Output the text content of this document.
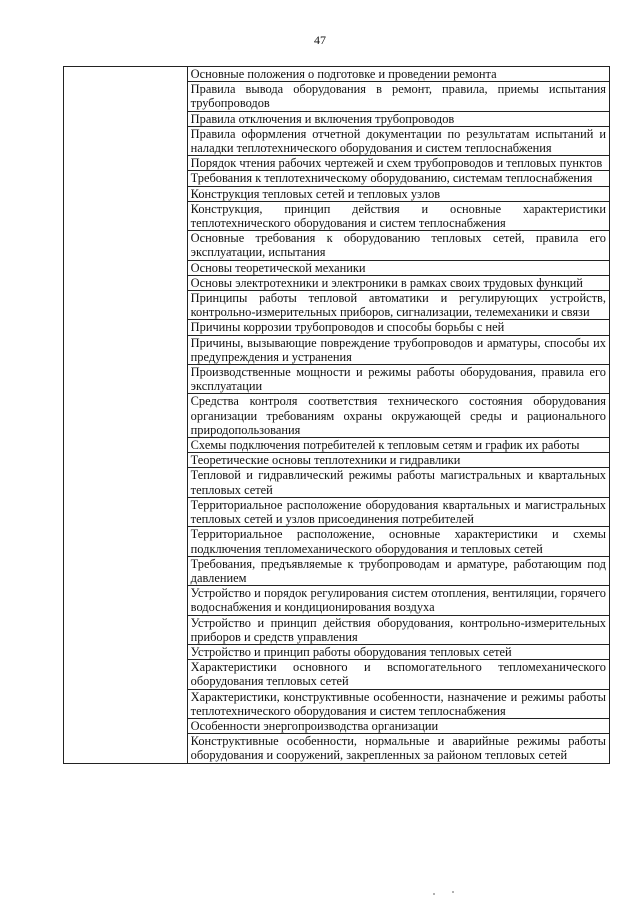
47
	Основные положения о подготовке и проведении ремонта
Правила вывода оборудования в ремонт, правила, приемы испытания трубопроводов
Правила отключения и включения трубопроводов
Правила оформления отчетной документации по результатам испытаний и наладки теплотехнического оборудования и систем теплоснабжения
Порядок чтения рабочих чертежей и схем трубопроводов и тепловых пунктов
Требования к теплотехническому оборудованию, системам теплоснабжения
Конструкция тепловых сетей и тепловых узлов
Конструкция, принцип действия и основные характеристики теплотехнического оборудования и систем теплоснабжения
Основные требования к оборудованию тепловых сетей, правила его эксплуатации, испытания
Основы теоретической механики
Основы электротехники и электроники в рамках своих трудовых функций
Принципы работы тепловой автоматики и регулирующих устройств, контрольно-измерительных приборов, сигнализации, телемеханики и связи
Причины коррозии трубопроводов и способы борьбы с ней
Причины, вызывающие повреждение трубопроводов и арматуры, способы их предупреждения и устранения
Производственные мощности и режимы работы оборудования, правила его эксплуатации
Средства контроля соответствия технического состояния оборудования организации требованиям охраны окружающей среды и рационального природопользования
Схемы подключения потребителей к тепловым сетям и график их работы
Теоретические основы теплотехники и гидравлики
Тепловой и гидравлический режимы работы магистральных и квартальных тепловых сетей
Территориальное расположение оборудования квартальных и магистральных тепловых сетей и узлов присоединения потребителей
Территориальное расположение, основные характеристики и схемы подключения тепломеханического оборудования и тепловых сетей
Требования, предъявляемые к трубопроводам и арматуре, работающим под давлением
Устройство и порядок регулирования систем отопления, вентиляции, горячего водоснабжения и кондиционирования воздуха
Устройство и принцип действия оборудования, контрольно-измерительных приборов и средств управления
Устройство и принцип работы оборудования тепловых сетей
Характеристики основного и вспомогательного тепломеханического оборудования тепловых сетей
Характеристики, конструктивные особенности, назначение и режимы работы теплотехнического оборудования и систем теплоснабжения
Особенности энергопроизводства организации
Конструктивные особенности, нормальные и аварийные режимы работы оборудования и сооружений, закрепленных за районом тепловых сетей
